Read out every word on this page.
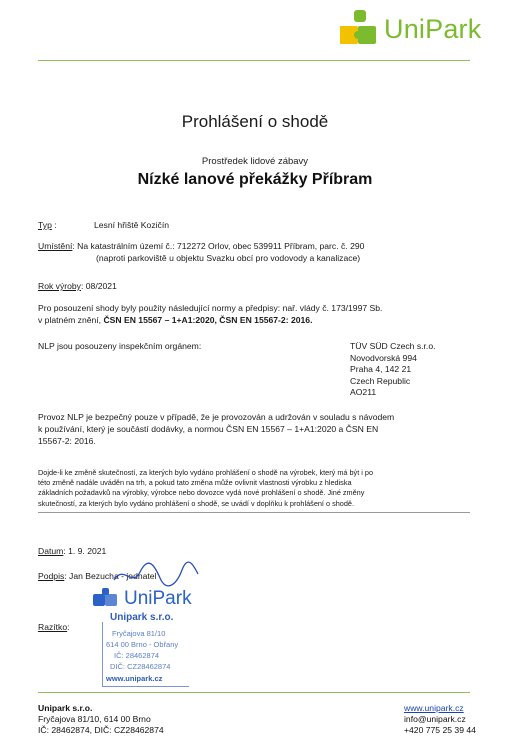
UniPark
Prohlášení o shodě
Prostředek lidové zábavy
Nízké lanové překážky Příbram
Typ :	Lesní hřiště Kozičín
Umístění: Na katastrálním území č.: 712272 Orlov, obec 539911 Příbram, parc. č. 290
(naproti parkoviště u objektu Svazku obcí pro vodovody a kanalizace)
Rok výroby: 08/2021
Pro posouzení shody byly použity následující normy a předpisy: nař. vlády č. 173/1997 Sb.
v platném znění, ČSN EN 15567 – 1+A1:2020, ČSN EN 15567-2: 2016.
NLP jsou posouzeny inspekčním orgánem:	TÜV SÜD Czech s.r.o.
Novodvorská 994
Praha 4, 142 21
Czech Republic
AO211
Provoz NLP je bezpečný pouze v případě, že je provozován a udržován v souladu s návodem
k používání, který je součástí dodávky, a normou ČSN EN 15567 – 1+A1:2020 a ČSN EN
15567-2: 2016.
Dojde-li ke změně skutečností, za kterých bylo vydáno prohlášení o shodě na výrobek, který má být i po
této změně nadále uváděn na trh, a pokud tato změna může ovlivnit vlastnosti výrobku z hlediska
základních požadavků na výrobky, výrobce nebo dovozce vydá nové prohlášení o shodě. Jiné změny
skutečností, za kterých bylo vydáno prohlášení o shodě, se uvádí v doplňku k prohlášení o shodě.
Datum: 1. 9. 2021
Podpis: Jan Bezucha - jednatel
Razítko:
UniPark
Unipark s.r.o.
Fryčajova 81/10
614 00 Brno - Obřany
IČ: 28462874
DIČ: CZ28462874
www.unipark.cz
Unipark s.r.o.
Fryčajova 81/10, 614 00 Brno
IČ: 28462874, DIČ: CZ28462874
www.unipark.cz
info@unipark.cz
+420 775 25 39 44
